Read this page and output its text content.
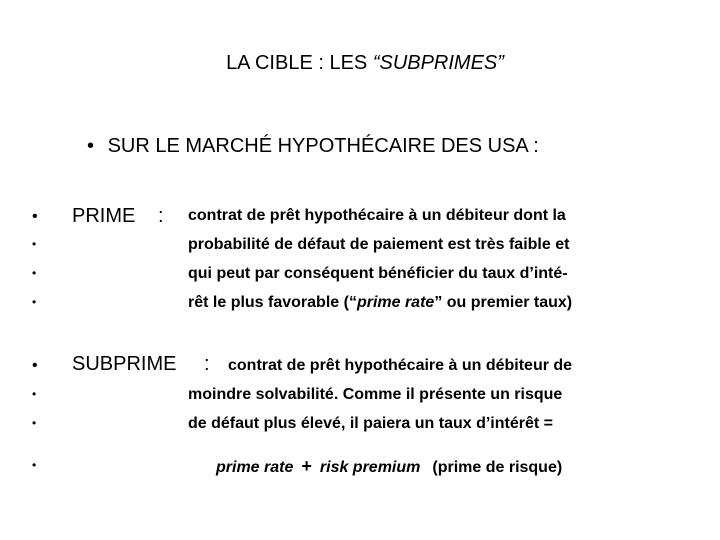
LA CIBLE : LES “SUBPRIMES”
• SUR LE MARCHÉ HYPOTHÉCAIRE DES USA :
• PRIME : contrat de prêt hypothécaire à un débiteur dont la
•	probabilité de défaut de paiement est très faible et
•	qui peut par conséquent bénéficier du taux d’inté-
•	rêt le plus favorable (“prime rate” ou premier taux)
• SUBPRIME : contrat de prêt hypothécaire à un débiteur de
•	moindre solvabilité. Comme il présente un risque
•	de défaut plus élevé, il paiera un taux d’intérêt =
•	prime rate + risk premium (prime de risque)
